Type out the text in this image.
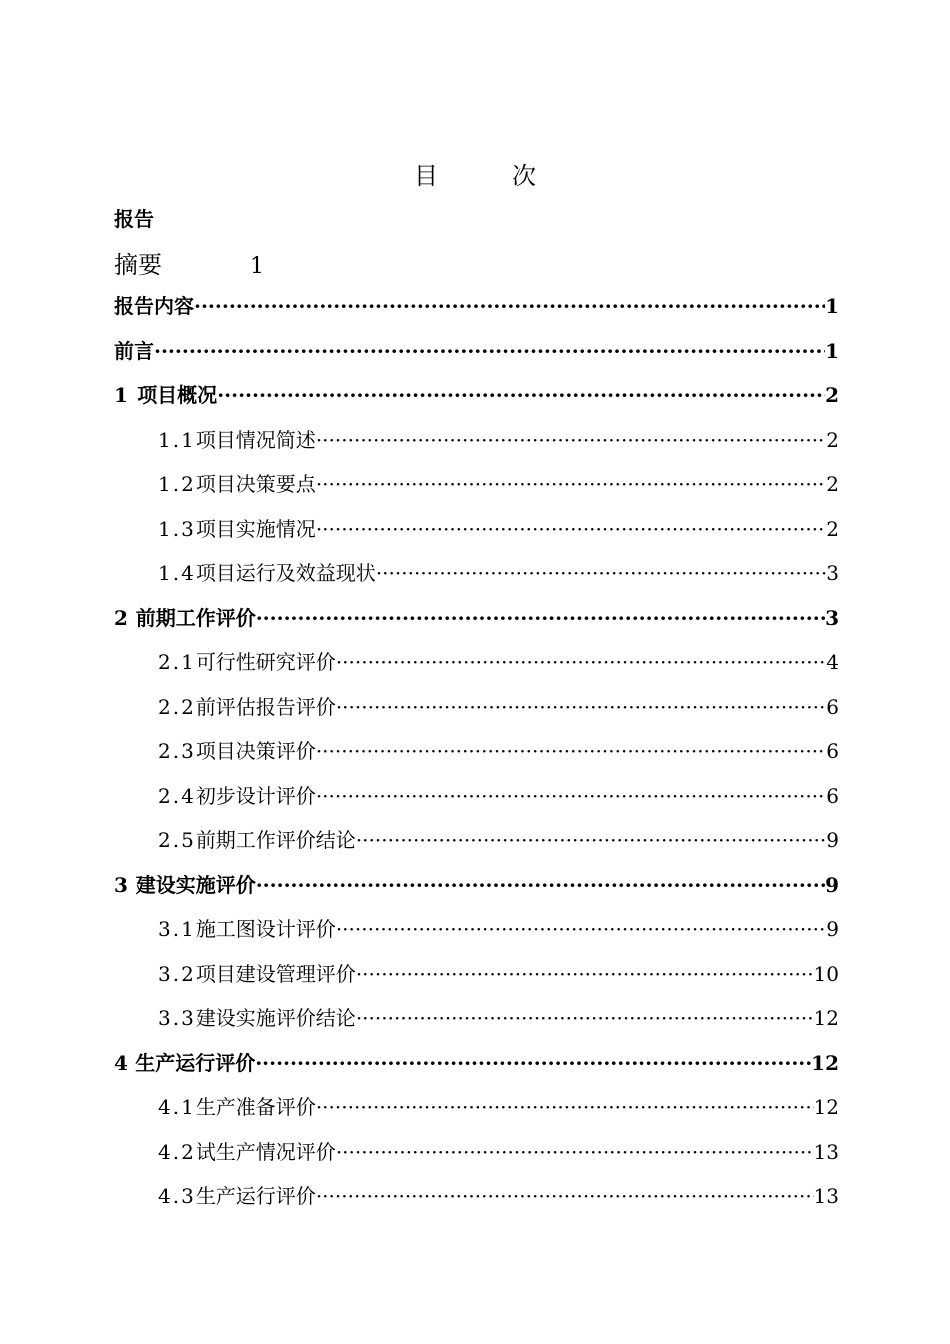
目	次
报告
摘要	1
报告内容 ·····	1
前言 ·····	1
1 项目概况 ·····	2
1.1 项目情况简述 ·····	2
1.2 项目决策要点 ·····	2
1.3 项目实施情况 ·····	2
1.4 项目运行及效益现状 ·····	3
2 前期工作评价 ·····	3
2.1 可行性研究评价 ·····	4
2.2 前评估报告评价 ·····	6
2.3 项目决策评价 ·····	6
2.4 初步设计评价 ·····	6
2.5 前期工作评价结论 ·····	9
3 建设实施评价 ·····	9
3.1 施工图设计评价 ·····	9
3.2 项目建设管理评价 ·····	10
3.3 建设实施评价结论 ·····	12
4 生产运行评价 ·····	12
4.1 生产准备评价 ·····	12
4.2 试生产情况评价 ·····	13
4.3 生产运行评价 ·····	13
